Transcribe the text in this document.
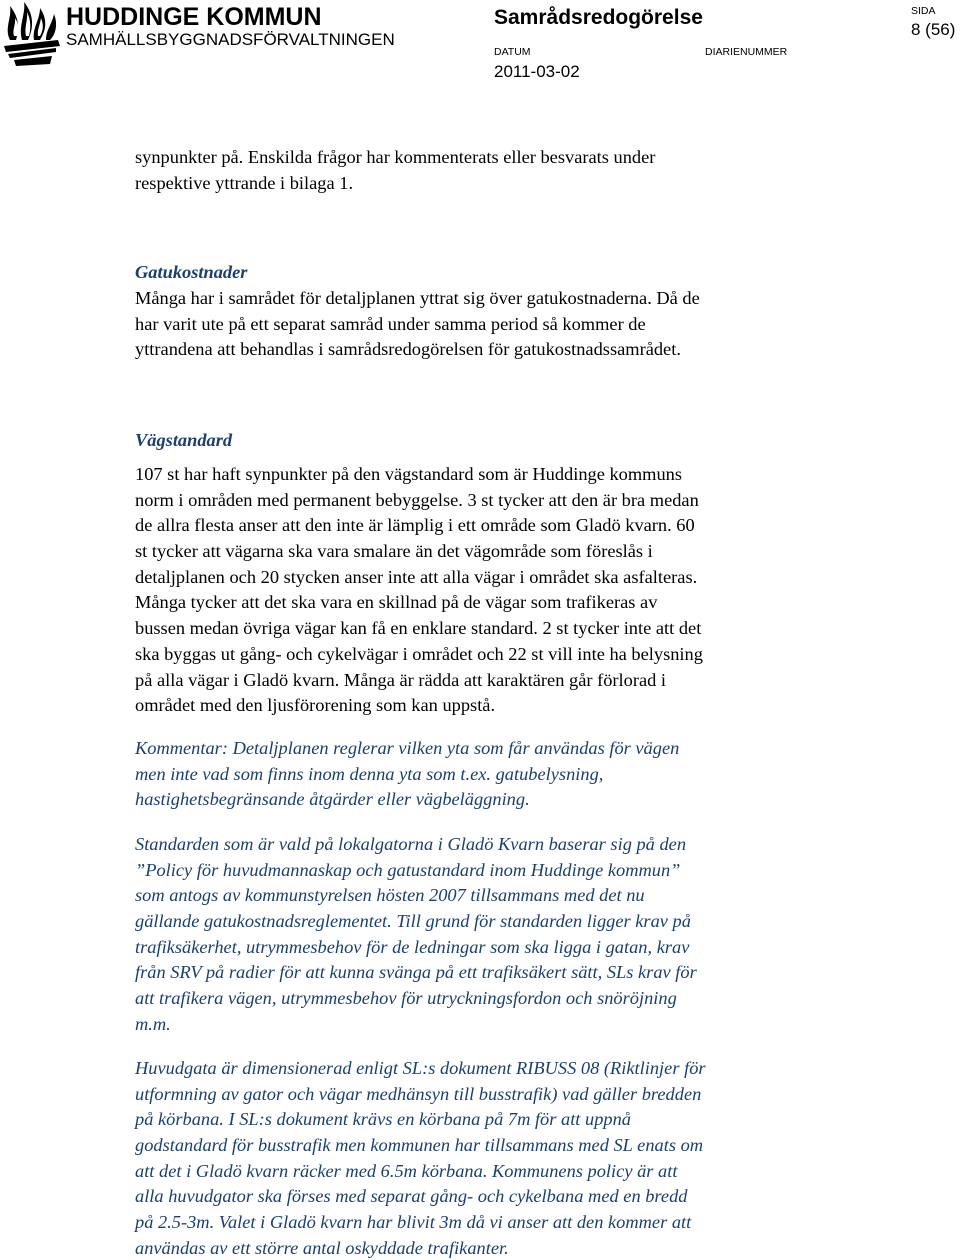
HUDDINGE KOMMUN
SAMHÄLLSBYGGNADSFÖRVALTNINGEN
Samrådsredogörelse
DATUM	DIARIENUMMER
SIDA
2011-03-02
8 (56)
synpunkter på. Enskilda frågor har kommenterats eller besvarats under
respektive yttrande i bilaga 1.
Gatukostnader
Många har i samrådet för detaljplanen yttrat sig över gatukostnaderna. Då de
har varit ute på ett separat samråd under samma period så kommer de
yttrandena att behandlas i samrådsredogörelsen för gatukostnadssamrådet.
Vägstandard
107 st har haft synpunkter på den vägstandard som är Huddinge kommuns
norm i områden med permanent bebyggelse. 3 st tycker att den är bra medan
de allra flesta anser att den inte är lämplig i ett område som Gladö kvarn. 60
st tycker att vägarna ska vara smalare än det vägområde som föreslås i
detaljplanen och 20 stycken anser inte att alla vägar i området ska asfalteras.
Många tycker att det ska vara en skillnad på de vägar som trafikeras av
bussen medan övriga vägar kan få en enklare standard. 2 st tycker inte att det
ska byggas ut gång- och cykelvägar i området och 22 st vill inte ha belysning
på alla vägar i Gladö kvarn. Många är rädda att karaktären går förlorad i
området med den ljusförorening som kan uppstå.
Kommentar: Detaljplanen reglerar vilken yta som får användas för vägen
men inte vad som finns inom denna yta som t.ex. gatubelysning,
hastighetsbegränsande åtgärder eller vägbeläggning.
Standarden som är vald på lokalgatorna i Gladö Kvarn baserar sig på den
”Policy för huvudmannaskap och gatustandard inom Huddinge kommun”
som antogs av kommunstyrelsen hösten 2007 tillsammans med det nu
gällande gatukostnadsreglementet. Till grund för standarden ligger krav på
trafiksäkerhet, utrymmesbehov för de ledningar som ska ligga i gatan, krav
från SRV på radier för att kunna svänga på ett trafiksäkert sätt, SLs krav för
att trafikera vägen, utrymmesbehov för utryckningsfordon och snöröjning
m.m.
Huvudgata är dimensionerad enligt SL:s dokument RIBUSS 08 (Riktlinjer för
utformning av gator och vägar medhänsyn till busstrafik) vad gäller bredden
på körbana. I SL:s dokument krävs en körbana på 7m för att uppnå
godstandard för busstrafik men kommunen har tillsammans med SL enats om
att det i Gladö kvarn räcker med 6.5m körbana. Kommunens policy är att
alla huvudgator ska förses med separat gång- och cykelbana med en bredd
på 2.5-3m. Valet i Gladö kvarn har blivit 3m då vi anser att den kommer att
användas av ett större antal oskyddade trafikanter.
